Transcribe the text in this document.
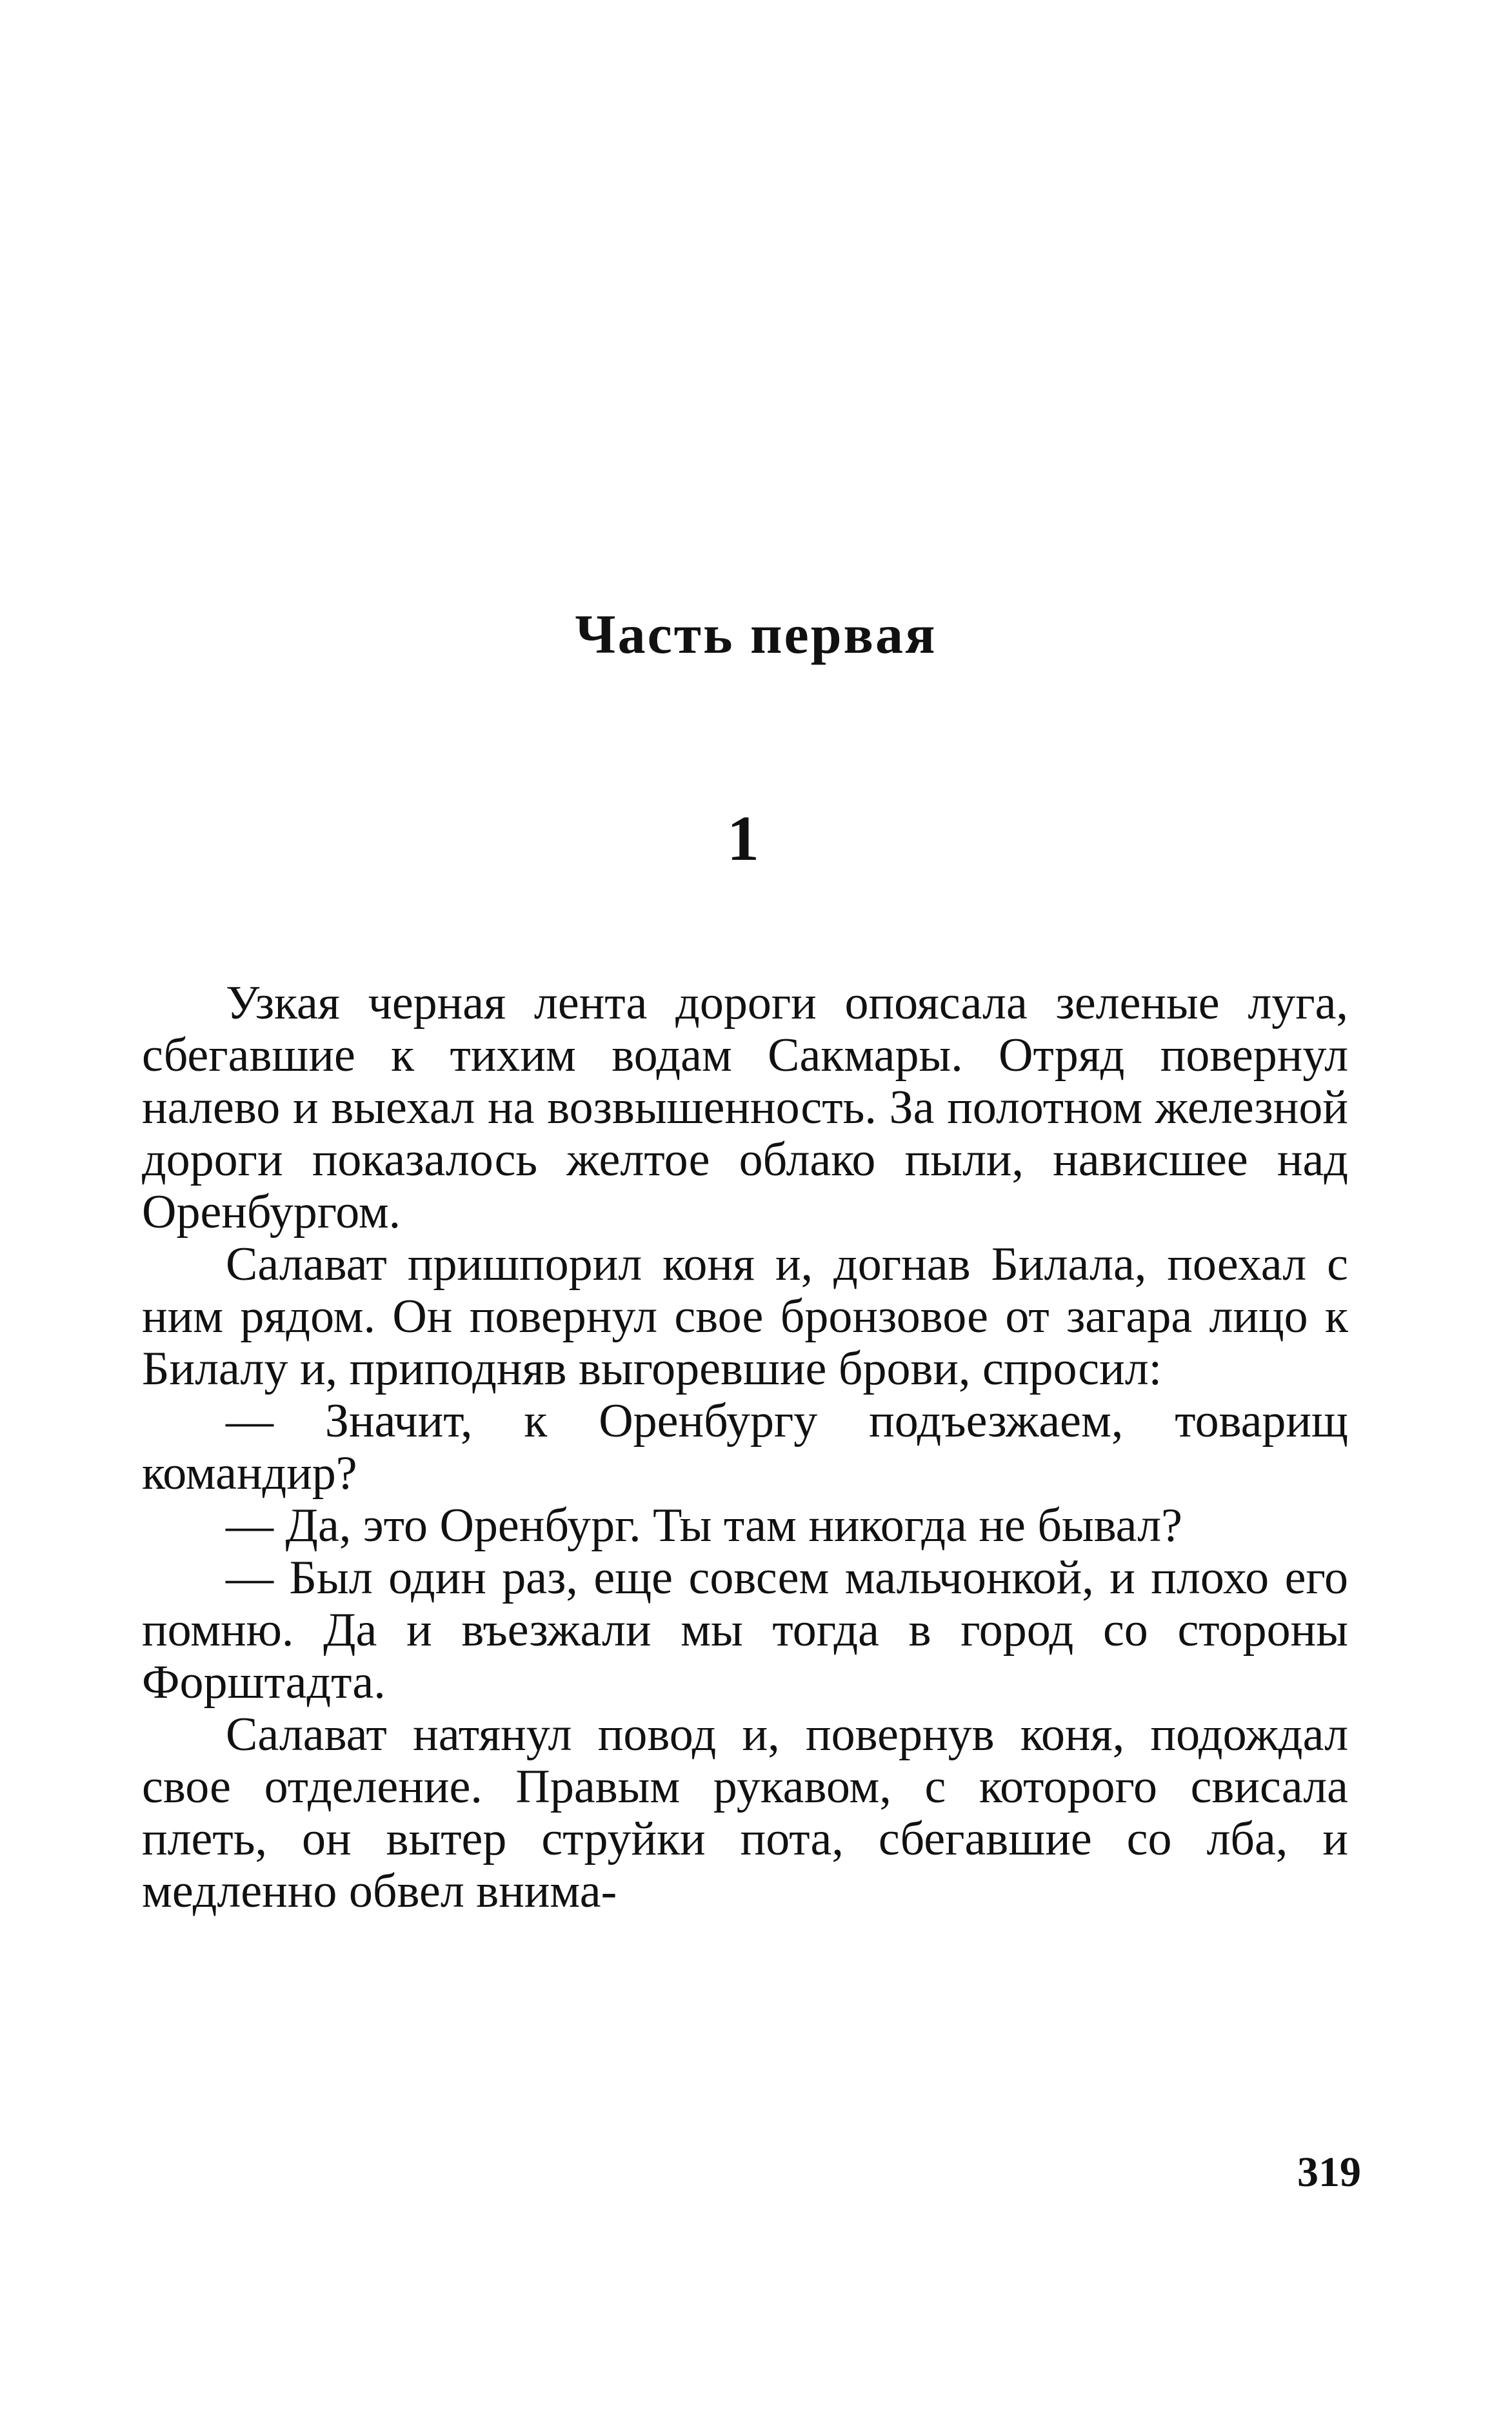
Часть первая
1

Узкая черная лента дороги опоясала зеленые луга, сбегавшие к тихим водам Сакмары. Отряд повернул налево и выехал на возвышенность. За полотном железной дороги показалось желтое облако пыли, нависшее над Оренбургом.

Салават пришпорил коня и, догнав Билала, поехал с ним рядом. Он повернул свое бронзовое от загара лицо к Билалу и, приподняв выгоревшие брови, спросил:

— Значит, к Оренбургу подъезжаем, товарищ командир?

— Да, это Оренбург. Ты там никогда не бывал?

— Был один раз, еще совсем мальчонкой, и плохо его помню. Да и въезжали мы тогда в город со стороны Форштадта.

Салават натянул повод и, повернув коня, подождал свое отделение. Правым рукавом, с которого свисала плеть, он вытер струйки пота, сбегавшие со лба, и медленно обвел внима-

319
